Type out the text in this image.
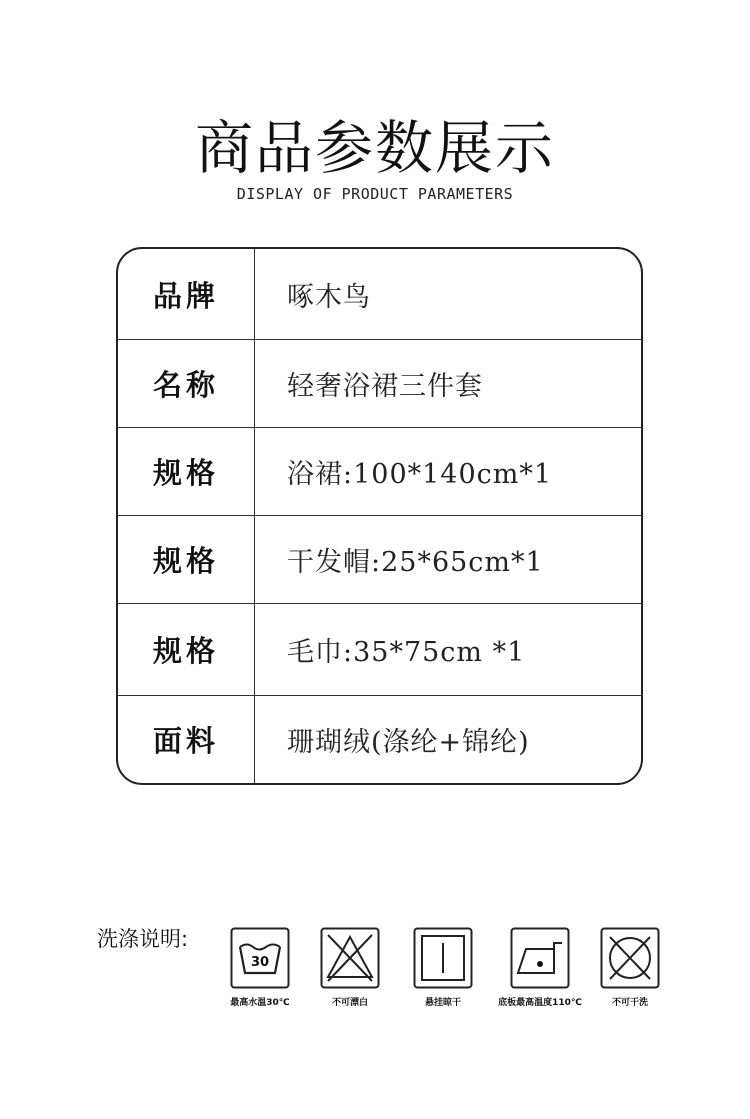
商品参数展示
DISPLAY OF PRODUCT PARAMETERS
品牌	啄木鸟
名称	轻奢浴裙三件套
规格	浴裙:100*140cm*1
规格	干发帽:25*65cm*1
规格	毛巾:35*75cm *1
面料	珊瑚绒(涤纶+锦纶)
洗涤说明:
30
最高水温30℃	不可漂白	悬挂晾干	底板最高温度110℃	不可干洗
